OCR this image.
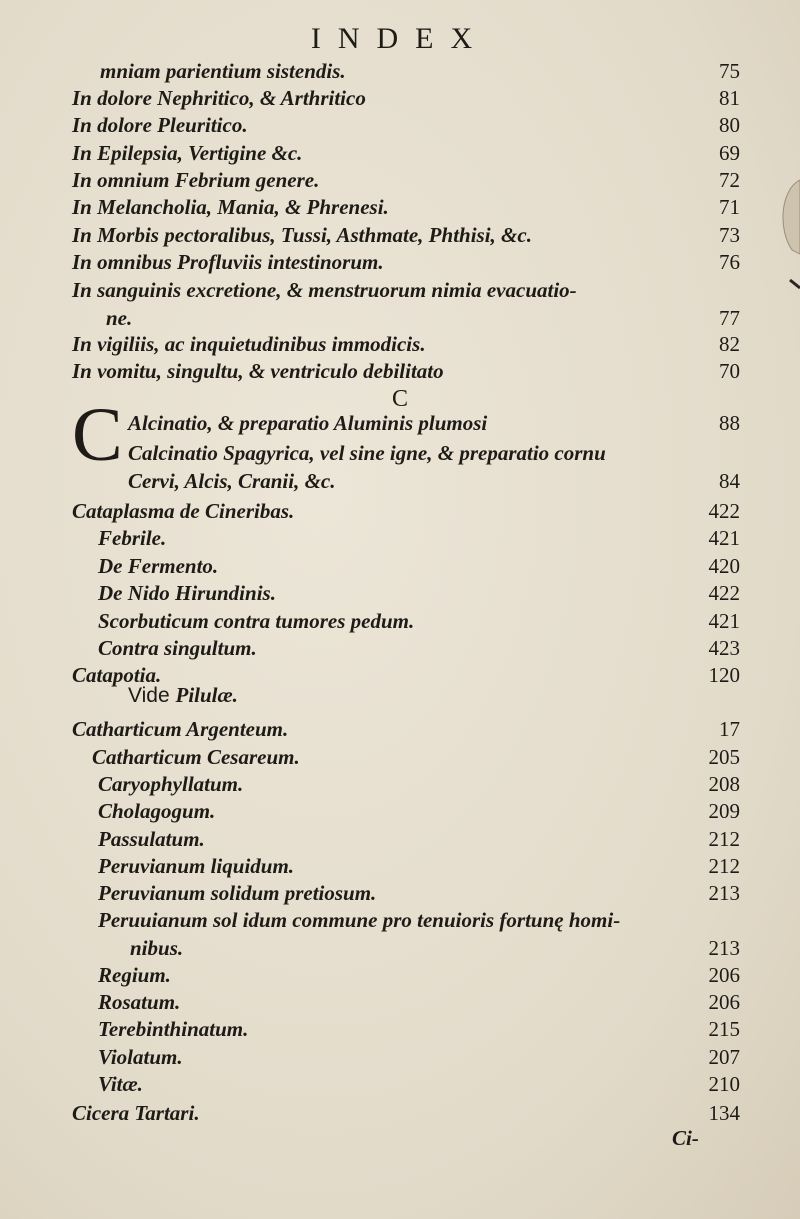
INDEX
mniam parientium sistendis.	75
In dolore Nephritico, & Arthritico	81
In dolore Pleuritico.	80
In Epilepsia, Vertigine &c.	69
In omnium Febrium genere.	72
In Melancholia, Mania, & Phrenesi.	71
In Morbis pectoralibus, Tussi, Asthmate, Phthisi, &c.	73
In omnibus Profluviis intestinorum.	76
In sanguinis excretione, & menstruorum nimia evacuatio-
ne.	77
In vigiliis, ac inquietudinibus immodicis.	82
In vomitu, singultu, & ventriculo debilitato	70
C
C Alcinatio, & preparatio Aluminis plumosi	88
Calcinatio Spagyrica, vel sine igne, & preparatio cornu
Cervi, Alcis, Cranii, &c.	84
Cataplasma de Cineribas.	422
Febrile.	421
De Fermento.	420
De Nido Hirundinis.	422
Scorbuticum contra tumores pedum.	421
Contra singultum.	423
Catapotia.	120
Vide Pilulæ.
Catharticum Argenteum.	17
Catharticum Cesareum.	205
Caryophyllatum.	208
Cholagogum.	209
Passulatum.	212
Peruvianum liquidum.	212
Peruvianum solidum pretiosum.	213
Peruuianum sol idum commune pro tenuioris fortunę homi-
nibus.	213
Regium.	206
Rosatum.	206
Terebinthinatum.	215
Violatum.	207
Vitæ.	210
Cicera Tartari.	134
Ci-
